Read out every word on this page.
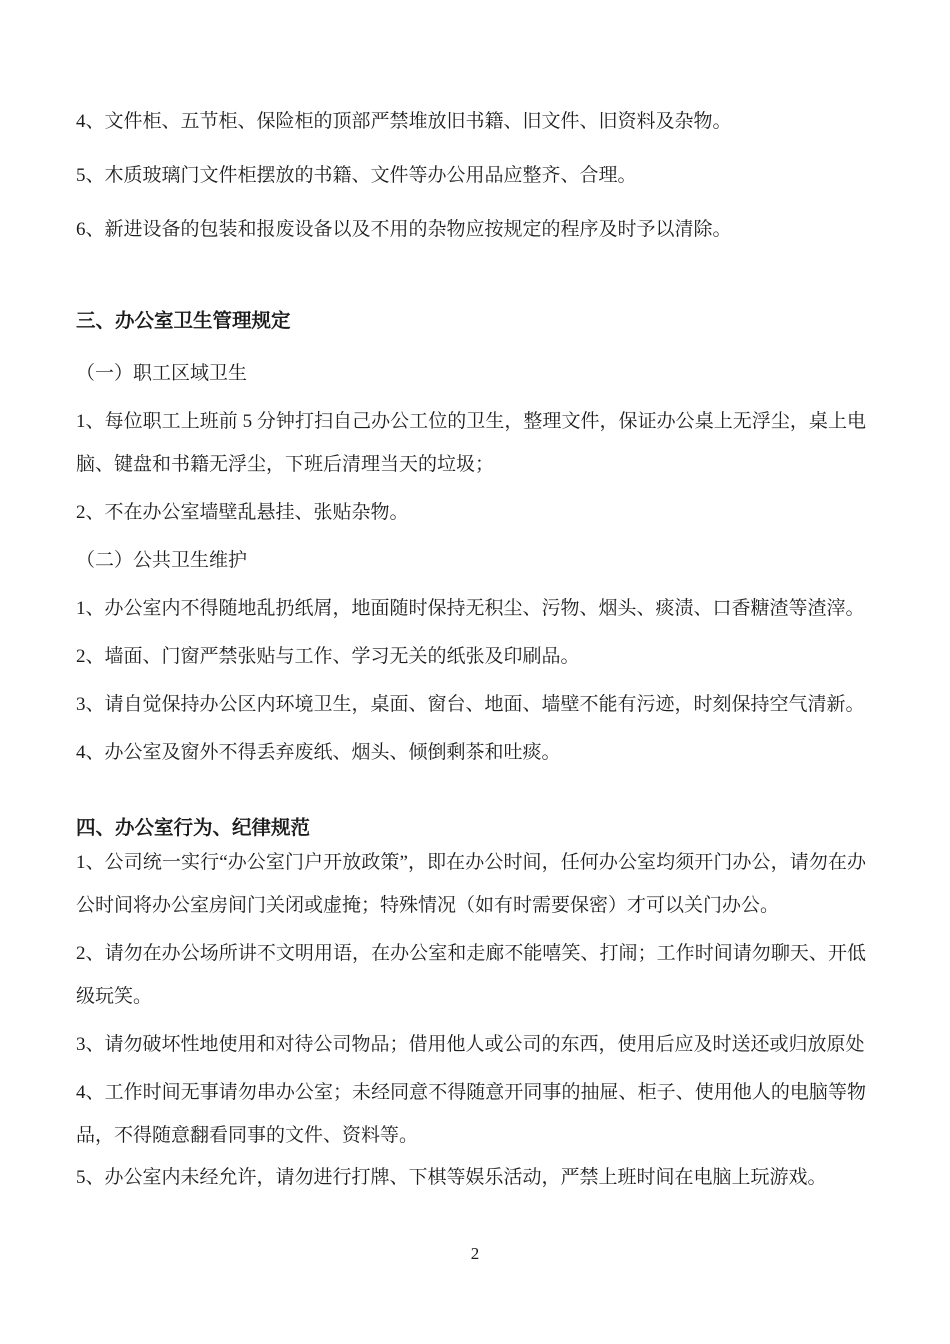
4、文件柜、五节柜、保险柜的顶部严禁堆放旧书籍、旧文件、旧资料及杂物。

5、木质玻璃门文件柜摆放的书籍、文件等办公用品应整齐、合理。

6、新进设备的包装和报废设备以及不用的杂物应按规定的程序及时予以清除。

三、办公室卫生管理规定

（一）职工区域卫生

1、每位职工上班前 5 分钟打扫自己办公工位的卫生，整理文件，保证办公桌上无浮尘，桌上电脑、键盘和书籍无浮尘，下班后清理当天的垃圾；

2、不在办公室墙壁乱悬挂、张贴杂物。

（二）公共卫生维护

1、办公室内不得随地乱扔纸屑，地面随时保持无积尘、污物、烟头、痰渍、口香糖渣等渣滓。

2、墙面、门窗严禁张贴与工作、学习无关的纸张及印刷品。

3、请自觉保持办公区内环境卫生，桌面、窗台、地面、墙壁不能有污迹，时刻保持空气清新。

4、办公室及窗外不得丢弃废纸、烟头、倾倒剩茶和吐痰。

四、办公室行为、纪律规范

1、公司统一实行“办公室门户开放政策”，即在办公时间，任何办公室均须开门办公，请勿在办公时间将办公室房间门关闭或虚掩；特殊情况（如有时需要保密）才可以关门办公。

2、请勿在办公场所讲不文明用语，在办公室和走廊不能嘻笑、打闹；工作时间请勿聊天、开低级玩笑。

3、请勿破坏性地使用和对待公司物品；借用他人或公司的东西，使用后应及时送还或归放原处

4、工作时间无事请勿串办公室；未经同意不得随意开同事的抽屉、柜子、使用他人的电脑等物品，不得随意翻看同事的文件、资料等。

5、办公室内未经允许，请勿进行打牌、下棋等娱乐活动，严禁上班时间在电脑上玩游戏。

2
